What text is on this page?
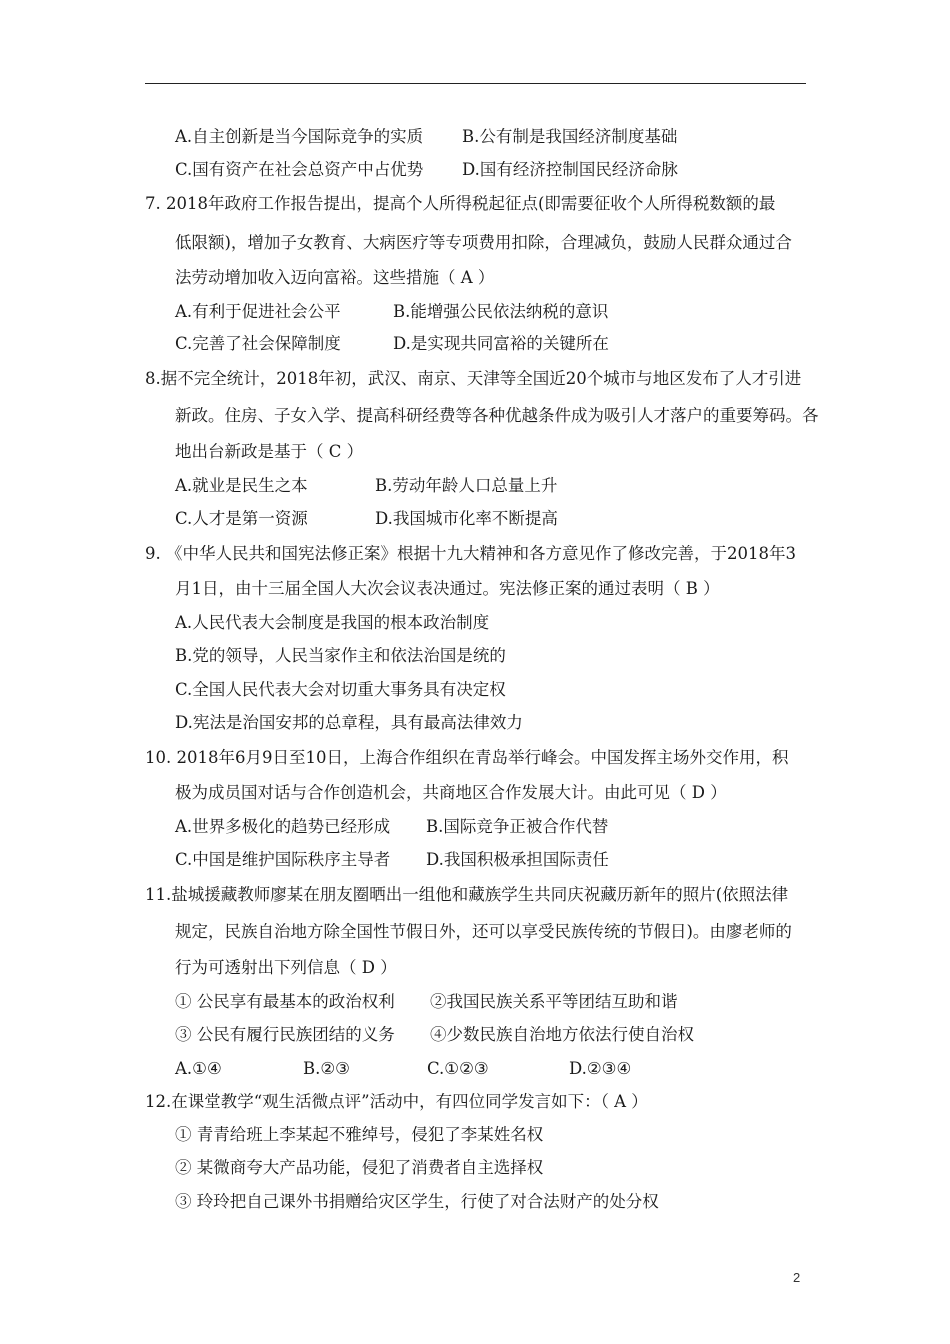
A.自主创新是当今国际竞争的实质 B.公有制是我国经济制度基础
C.国有资产在社会总资产中占优势 D.国有经济控制国民经济命脉
7. 2018年政府工作报告提出，提高个人所得税起征点(即需要征收个人所得税数额的最
低限额)，增加子女教育、大病医疗等专项费用扣除，合理减负，鼓励人民群众通过合
法劳动增加收入迈向富裕。这些措施（ A ）
A.有利于促进社会公平	B.能增强公民依法纳税的意识
C.完善了社会保障制度	D.是实现共同富裕的关键所在
8.据不完全统计，2018年初，武汉、南京、天津等全国近20个城市与地区发布了人才引进
新政。住房、子女入学、提高科研经费等各种优越条件成为吸引人才落户的重要筹码。各
地出台新政是基于（ C ）
A.就业是民生之本	B.劳动年龄人口总量上升
C.人才是第一资源	D.我国城市化率不断提高
9. 《中华人民共和国宪法修正案》根据十九大精神和各方意见作了修改完善，于2018年3
月1日，由十三届全国人大次会议表决通过。宪法修正案的通过表明（ B ）
A.人民代表大会制度是我国的根本政治制度
B.党的领导，人民当家作主和依法治国是统的
C.全国人民代表大会对切重大事务具有决定权
D.宪法是治国安邦的总章程，具有最高法律效力
10. 2018年6月9日至10日，上海合作组织在青岛举行峰会。中国发挥主场外交作用，积
极为成员国对话与合作创造机会，共商地区合作发展大计。由此可见（ D ）
A.世界多极化的趋势已经形成 B.国际竞争正被合作代替
C.中国是维护国际秩序主导者 D.我国积极承担国际责任
11.盐城援藏教师廖某在朋友圈晒出一组他和藏族学生共同庆祝藏历新年的照片(依照法律
规定，民族自治地方除全国性节假日外，还可以享受民族传统的节假日)。由廖老师的
行为可透射出下列信息（ D ）
① 公民享有最基本的政治权利 ②我国民族关系平等团结互助和谐
③ 公民有履行民族团结的义务 ④少数民族自治地方依法行使自治权
A.①④	B.②③	C.①②③	D.②③④
12.在课堂教学“观生活微点评”活动中，有四位同学发言如下：（ A ）
① 青青给班上李某起不雅绰号，侵犯了李某姓名权
② 某微商夸大产品功能，侵犯了消费者自主选择权
③ 玲玲把自己课外书捐赠给灾区学生，行使了对合法财产的处分权
2
